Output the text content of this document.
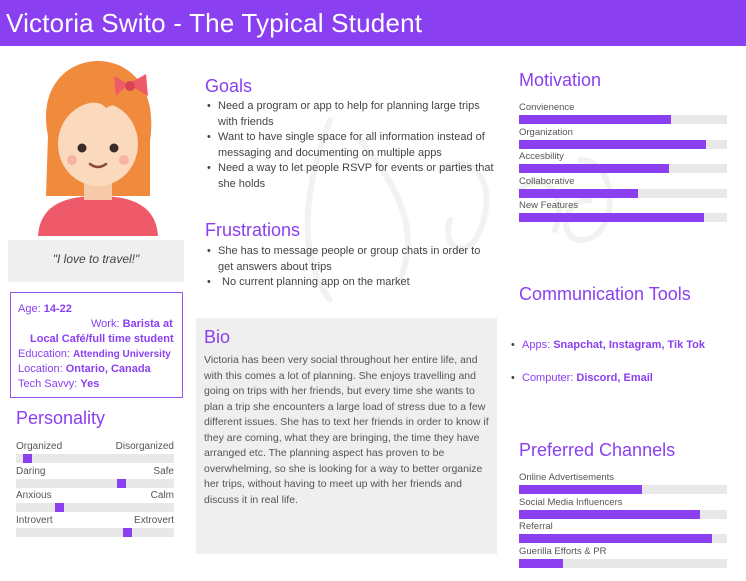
Victoria Swito - The Typical Student
"I love to travel!"
Age: 14-22
Work: Barista at
Local Café/full time student
Education: Attending University
Location: Ontario, Canada
Tech Savvy: Yes
Personality
Organized	Disorganized
Daring	Safe
Anxious	Calm
Introvert	Extrovert
Goals
• Need a program or app to help for planning large trips with friends
• Want to have single space for all information instead of messaging and documenting on multiple apps
• Need a way to let people RSVP for events or parties that she holds
Frustrations
• She has to message people or group chats in order to get answers about trips
• No current planning app on the market
Bio
Victoria has been very social throughout her entire life, and with this comes a lot of planning. She enjoys travelling and going on trips with her friends, but every time she wants to plan a trip she encounters a large load of stress due to a few different issues. She has to text her friends in order to know if they are coming, what they are bringing, the time they have arranged etc. The planning aspect has proven to be overwhelming, so she is looking for a way to better organize her trips, without having to meet up with her friends and discuss it in real life.
Motivation
Convienence
Organization
Accesbility
Collaborative
New Features
Communication Tools
• Apps: Snapchat, Instagram, Tik Tok
• Computer: Discord, Email
Preferred Channels
Online Advertisements
Social Media Influencers
Referral
Guerilla Efforts & PR
